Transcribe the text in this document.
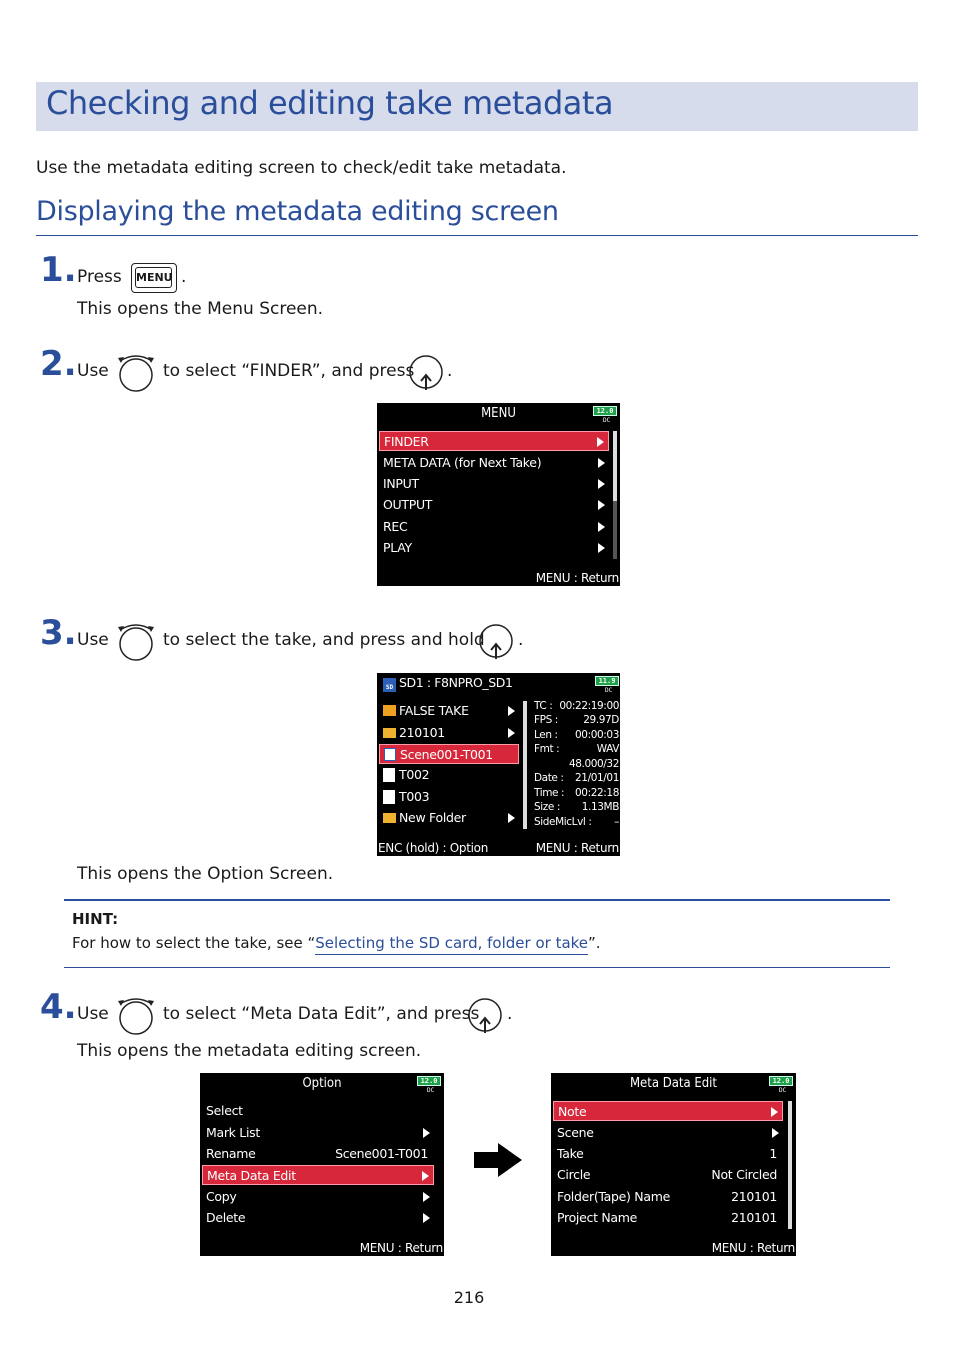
Checking and editing take metadata
Use the metadata editing screen to check/edit take metadata.
Displaying the metadata editing screen
1. Press MENU .
This opens the Menu Screen.
2. Use	to select “FINDER”, and press .
MENU	12.0
DC
FINDER
META DATA (for Next Take)
INPUT
OUTPUT
REC
PLAY
MENU : Return
3. Use	to select the take, and press and hold .
SD SD1 : F8NPRO_SD1	11.9
DC
FALSE TAKE
210101
Scene001-T001
T002
T003
New Folder
TC : 00:22:19:00
FPS : 29.97D
Len : 00:00:03
Fmt :	WAV
48.000/32
Date : 21/01/01
Time : 00:22:18
Size : 1.13MB
SideMicLvl : –
ENC (hold) : Option	MENU : Return
This opens the Option Screen.
HINT:
For how to select the take, see “Selecting the SD card, folder or take”.
4. Use	to select “Meta Data Edit”, and press .
This opens the metadata editing screen.
Option	12.0
DC
Select
Mark List
Rename	Scene001-T001
Meta Data Edit
Copy
Delete
MENU : Return
Meta Data Edit	12.0
DC
Note
Scene
Take	1
Circle	Not Circled
Folder(Tape) Name	210101
Project Name	210101
MENU : Return
216
